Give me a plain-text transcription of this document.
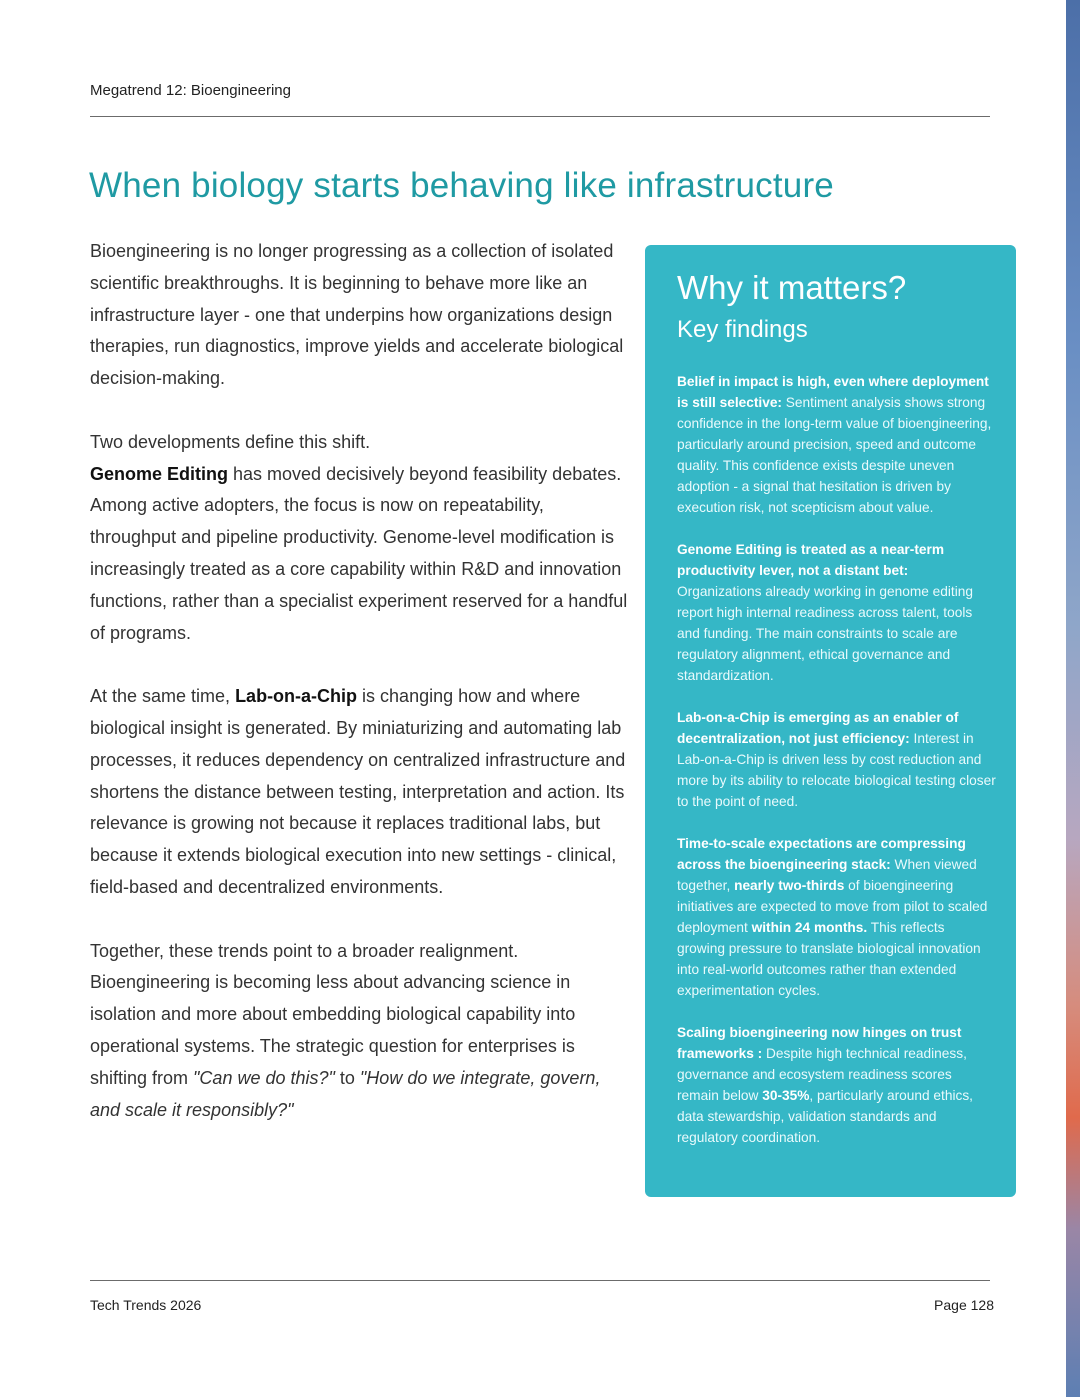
Megatrend 12: Bioengineering
When biology starts behaving like infrastructure

Bioengineering is no longer progressing as a collection of isolated scientific breakthroughs. It is beginning to behave more like an infrastructure layer - one that underpins how organizations design therapies, run diagnostics, improve yields and accelerate biological decision-making.

Two developments define this shift.

Genome Editing has moved decisively beyond feasibility debates. Among active adopters, the focus is now on repeatability, throughput and pipeline productivity. Genome-level modification is increasingly treated as a core capability within R&D and innovation functions, rather than a specialist experiment reserved for a handful of programs.

At the same time, Lab-on-a-Chip is changing how and where biological insight is generated. By miniaturizing and automating lab processes, it reduces dependency on centralized infrastructure and shortens the distance between testing, interpretation and action. Its relevance is growing not because it replaces traditional labs, but because it extends biological execution into new settings - clinical, field-based and decentralized environments.

Together, these trends point to a broader realignment. Bioengineering is becoming less about advancing science in isolation and more about embedding biological capability into operational systems. The strategic question for enterprises is shifting from "Can we do this?" to "How do we integrate, govern, and scale it responsibly?"

Why it matters?
Key findings

Belief in impact is high, even where deployment is still selective: Sentiment analysis shows strong confidence in the long-term value of bioengineering, particularly around precision, speed and outcome quality. This confidence exists despite uneven adoption - a signal that hesitation is driven by execution risk, not scepticism about value.

Genome Editing is treated as a near-term productivity lever, not a distant bet: Organizations already working in genome editing report high internal readiness across talent, tools and funding. The main constraints to scale are regulatory alignment, ethical governance and standardization.

Lab-on-a-Chip is emerging as an enabler of decentralization, not just efficiency: Interest in Lab-on-a-Chip is driven less by cost reduction and more by its ability to relocate biological testing closer to the point of need.

Time-to-scale expectations are compressing across the bioengineering stack: When viewed together, nearly two-thirds of bioengineering initiatives are expected to move from pilot to scaled deployment within 24 months. This reflects growing pressure to translate biological innovation into real-world outcomes rather than extended experimentation cycles.

Scaling bioengineering now hinges on trust frameworks : Despite high technical readiness, governance and ecosystem readiness scores remain below 30-35%, particularly around ethics, data stewardship, validation standards and regulatory coordination.

Tech Trends 2026	Page 128
